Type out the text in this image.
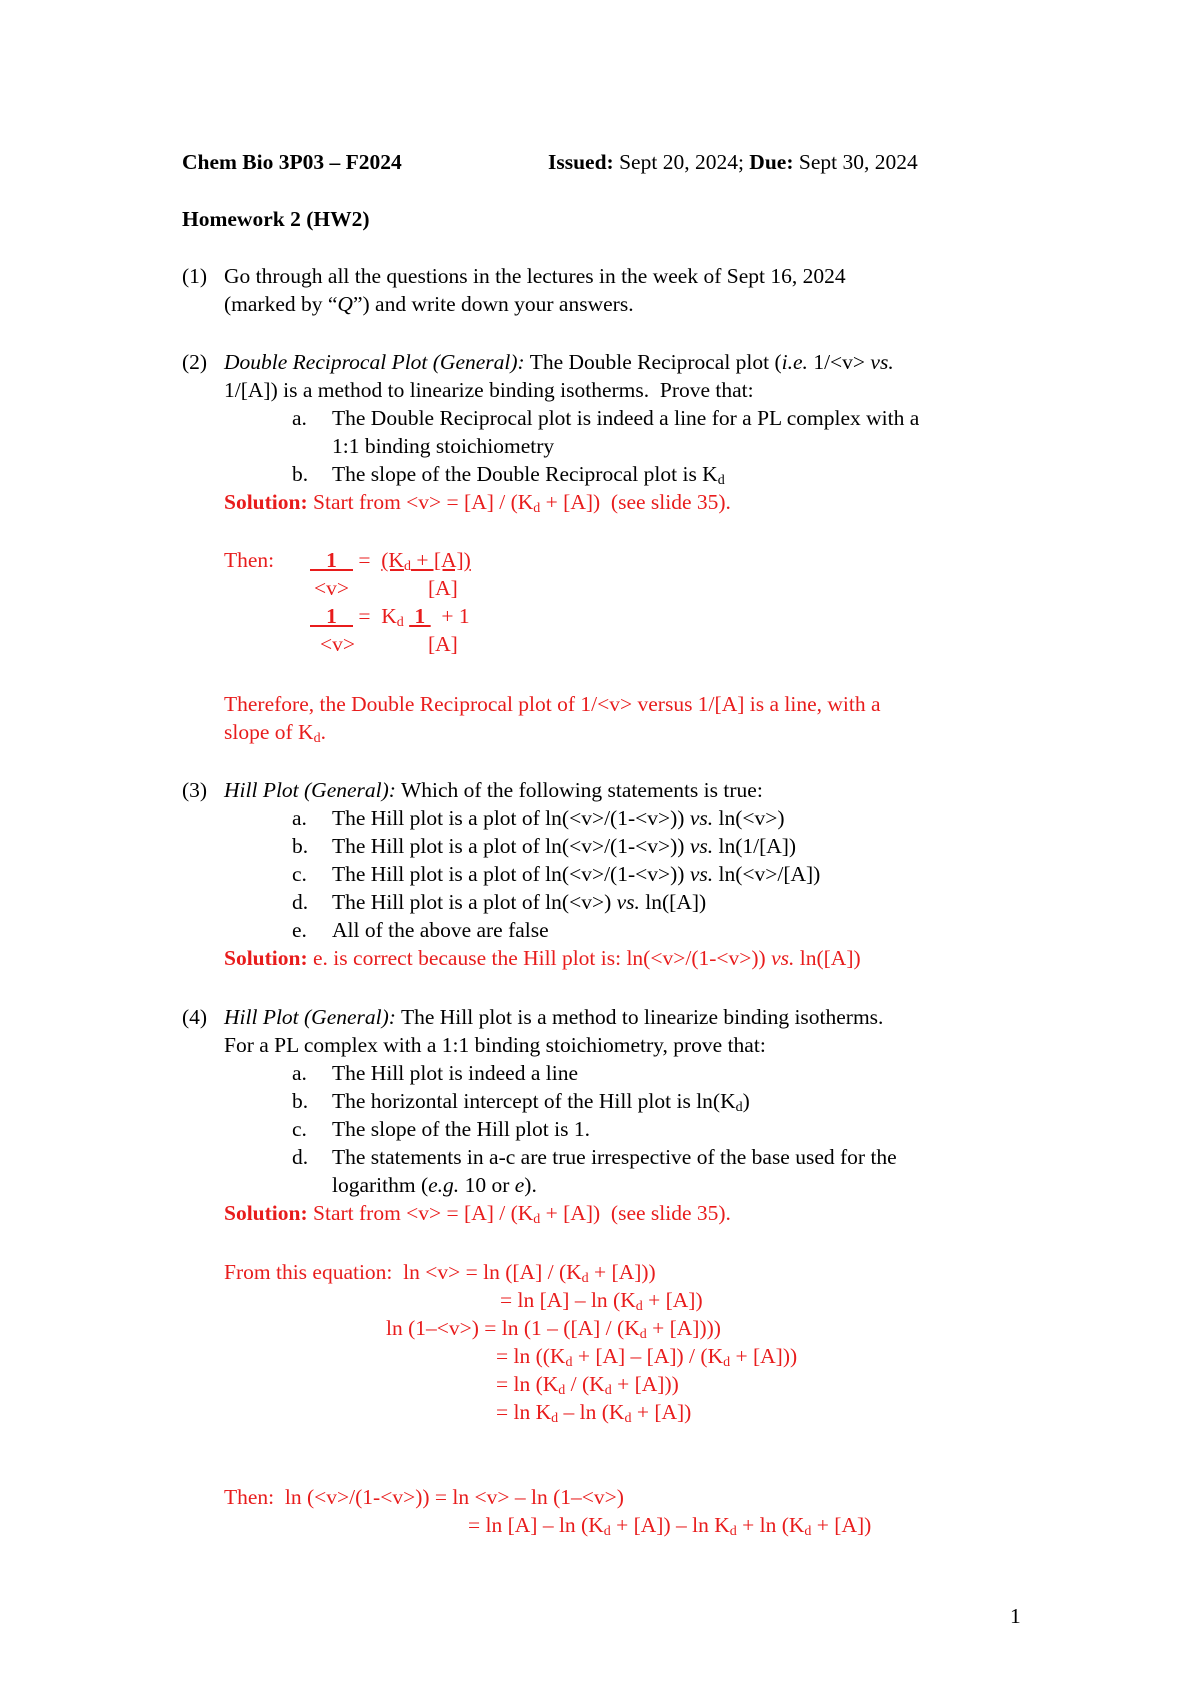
Chem Bio 3P03 – F2024	Issued: Sept 20, 2024; Due: Sept 30, 2024
Homework 2 (HW2)
(1) Go through all the questions in the lectures in the week of Sept 16, 2024
(marked by “Q”) and write down your answers.
(2) Double Reciprocal Plot (General): The Double Reciprocal plot (i.e. 1/<v> vs.
1/[A]) is a method to linearize binding isotherms.  Prove that:
a. The Double Reciprocal plot is indeed a line for a PL complex with a
1:1 binding stoichiometry
b. The slope of the Double Reciprocal plot is $K_d$
Solution: Start from $<v> = [A] / (K_d + [A])$  (see slide 35).
Then: 1    =  $(K_d + [A])$
<v>	[A]
1    =  $K_d$  1   + 1
<v>	[A]
Therefore, the Double Reciprocal plot of 1/<v> versus 1/[A] is a line, with a
slope of $K_d$.
(3) Hill Plot (General): Which of the following statements is true:
a. The Hill plot is a plot of ln(<v>/(1-<v>)) vs. ln(<v>)
b. The Hill plot is a plot of ln(<v>/(1-<v>)) vs. ln(1/[A])
c. The Hill plot is a plot of ln(<v>/(1-<v>)) vs. ln(<v>/[A])
d. The Hill plot is a plot of ln(<v>) vs. ln([A])
e. All of the above are false
Solution: e. is correct because the Hill plot is: ln(<v>/(1-<v>)) vs. ln([A])
(4) Hill Plot (General): The Hill plot is a method to linearize binding isotherms.
For a PL complex with a 1:1 binding stoichiometry, prove that:
a. The Hill plot is indeed a line
b. The horizontal intercept of the Hill plot is $\ln(K_d)$
c. The slope of the Hill plot is 1.
d. The statements in a-c are true irrespective of the base used for the
logarithm (e.g. 10 or e).
Solution: Start from $<v> = [A] / (K_d + [A])$  (see slide 35).
From this equation:  $\ln <v> = \ln ([A] / (K_d + [A]))$
= $\ln [A] - \ln (K_d + [A])$
$\ln (1-<v>) = \ln (1 - ([A] / (K_d + [A])))$
= $\ln ((K_d + [A] - [A]) / (K_d + [A]))$
= $\ln (K_d / (K_d + [A]))$
= $\ln K_d - \ln (K_d + [A])$
Then:  ln (<v>/(1-<v>)) = ln <v> – ln (1–<v>)
= $\ln [A] - \ln (K_d + [A]) - \ln K_d + \ln (K_d + [A])$
1
